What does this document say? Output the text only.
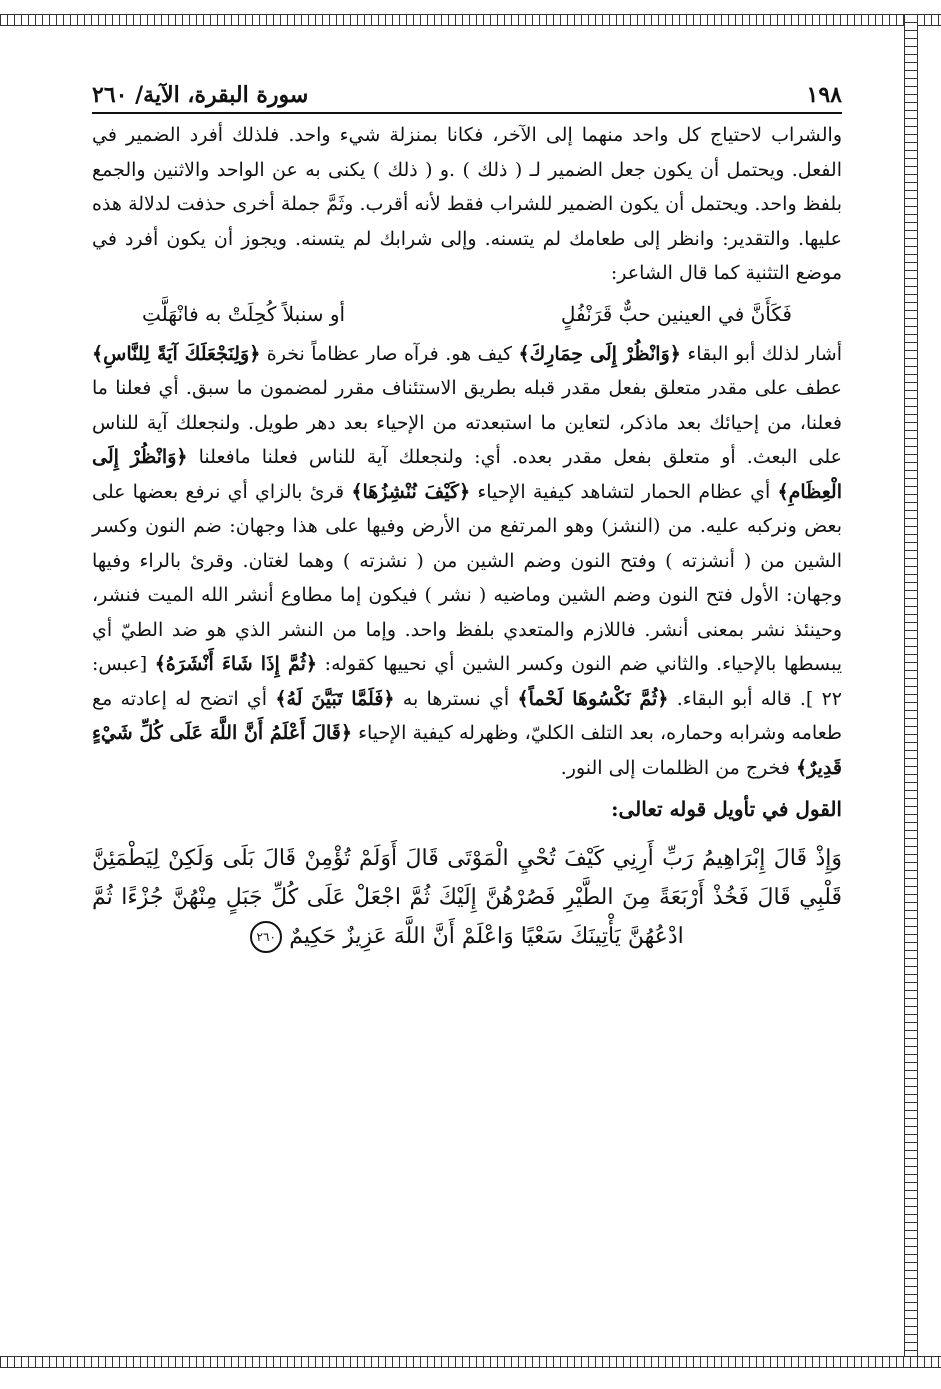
١٩٨
سورة البقرة، الآية/ ٢٦٠

والشراب لاحتياج كل واحد منهما إلى الآخر، فكانا بمنزلة شيء واحد. فلذلك أفرد الضمير في الفعل. ويحتمل أن يكون جعل الضمير لـ ( ذلك ) .و ( ذلك ) يكنى به عن الواحد والاثنين والجمع بلفظ واحد. ويحتمل أن يكون الضمير للشراب فقط لأنه أقرب. وثَمَّ جملة أخرى حذفت لدلالة هذه عليها. والتقدير: وانظر إلى طعامك لم يتسنه. وإلى شرابك لم يتسنه. ويجوز أن يكون أفرد في موضع التثنية كما قال الشاعر:

فَكَأَنَّ في العينين حبٌّ قَرَنْفُلٍ
أو سنبلاً كُحِلَتْ به فانْهَلَّتِ

أشار لذلك أبو البقاء ﴿وَانْظُرْ إِلَى حِمَارِكَ﴾ كيف هو. فرآه صار عظاماً نخرة ﴿وَلِنَجْعَلَكَ آيَةً لِلنَّاسِ﴾ عطف على مقدر متعلق بفعل مقدر قبله بطريق الاستئناف مقرر لمضمون ما سبق. أي فعلنا ما فعلنا، من إحيائك بعد ماذكر، لتعاين ما استبعدته من الإحياء بعد دهر طويل. ولنجعلك آية للناس على البعث. أو متعلق بفعل مقدر بعده. أي: ولنجعلك آية للناس فعلنا مافعلنا ﴿وَانْظُرْ إِلَى الْعِظَامِ﴾ أي عظام الحمار لتشاهد كيفية الإحياء ﴿كَيْفَ نُنْشِزُهَا﴾ قرئ بالزاي أي نرفع بعضها على بعض ونركبه عليه. من (النشز) وهو المرتفع من الأرض وفيها على هذا وجهان: ضم النون وكسر الشين من ( أنشزته ) وفتح النون وضم الشين من ( نشزته ) وهما لغتان. وقرئ بالراء وفيها وجهان: الأول فتح النون وضم الشين وماضيه ( نشر ) فيكون إما مطاوع أنشر الله الميت فنشر، وحينئذ نشر بمعنى أنشر. فاللازم والمتعدي بلفظ واحد. وإما من النشر الذي هو ضد الطيّ أي يبسطها بالإحياء. والثاني ضم النون وكسر الشين أي نحييها كقوله: ﴿ثُمَّ إِذَا شَاءَ أَنْشَرَهُ﴾ [عبس: ٢٢ ]. قاله أبو البقاء. ﴿ثُمَّ نَكْسُوهَا لَحْماً﴾ أي نسترها به ﴿فَلَمَّا تَبَيَّنَ لَهُ﴾ أي اتضح له إعادته مع طعامه وشرابه وحماره، بعد التلف الكليّ، وظهرله كيفية الإحياء ﴿قَالَ أَعْلَمُ أَنَّ اللَّهَ عَلَى كُلِّ شَيْءٍ قَدِيرٌ﴾ فخرج من الظلمات إلى النور.

القول في تأويل قوله تعالى:
وَإِذْ قَالَ إِبْرَاهِيمُ رَبِّ أَرِنِي كَيْفَ تُحْيِ الْمَوْتَى قَالَ أَوَلَمْ تُؤْمِنْ قَالَ بَلَى وَلَكِنْ لِيَطْمَئِنَّ قَلْبِي قَالَ فَخُذْ أَرْبَعَةً مِنَ الطَّيْرِ فَصُرْهُنَّ إِلَيْكَ ثُمَّ اجْعَلْ عَلَى كُلِّ جَبَلٍ مِنْهُنَّ جُزْءًا ثُمَّ ادْعُهُنَّ يَأْتِينَكَ سَعْيًا وَاعْلَمْ أَنَّ اللَّهَ عَزِيزٌ حَكِيمٌ ٢٦٠
